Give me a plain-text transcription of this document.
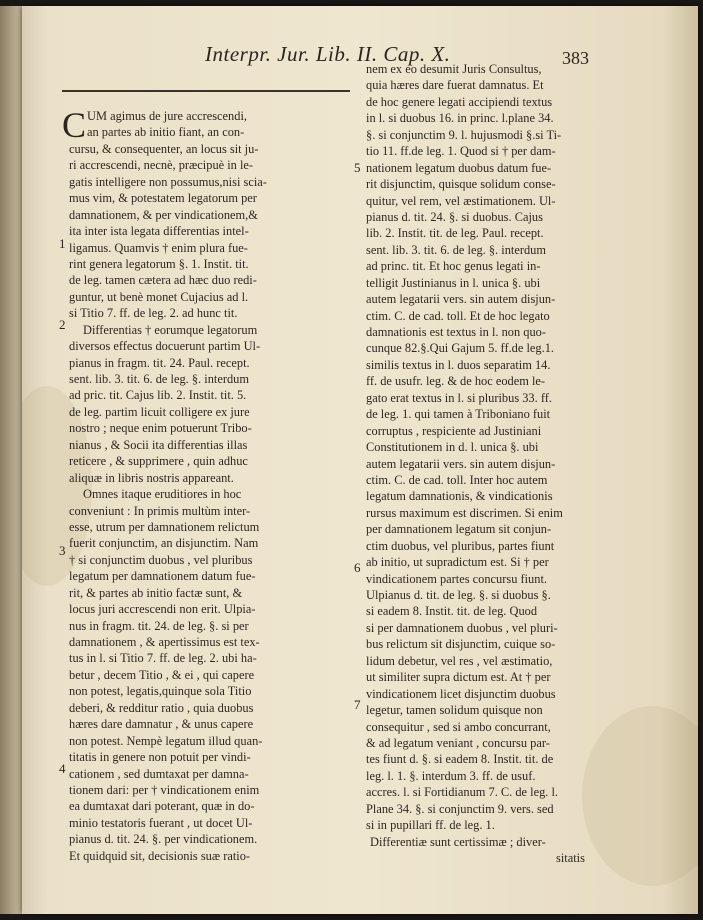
Interpr. Jur. Lib. II. Cap. X.	383
C UM agimus de jure accrescendi,
an partes ab initio fiant, an con-
cursu, & consequenter, an locus sit ju-
ri accrescendi, necnè, præcipuè in le-
gatis intelligere non possumus,nisi scia-
mus vim, & potestatem legatorum per
damnationem, & per vindicationem,&
ita inter ista legata differentias intel-
ligamus. Quamvis † enim plura fue-
rint genera legatorum §. 1. Instit. tit.
de leg. tamen cætera ad hæc duo redi-
guntur, ut benè monet Cujacius ad l.
si Titio 7. ff. de leg. 2. ad hunc tit.
Differentias † eorumque legatorum
diversos effectus docuerunt partim Ul-
pianus in fragm. tit. 24. Paul. recept.
sent. lib. 3. tit. 6. de leg. §. interdum
ad pric. tit. Cajus lib. 2. Instit. tit. 5.
de leg. partim licuit colligere ex jure
nostro ; neque enim potuerunt Tribo-
nianus , & Socii ita differentias illas
reticere , & supprimere , quin adhuc
aliquæ in libris nostris appareant.
Omnes itaque eruditiores in hoc
conveniunt : In primis multùm inter-
esse, utrum per damnationem relictum
fuerit conjunctim, an disjunctim. Nam
† si conjunctim duobus , vel pluribus
legatum per damnationem datum fue-
rit, & partes ab initio factæ sunt, &
locus juri accrescendi non erit. Ulpia-
nus in fragm. tit. 24. de leg. §. si per
damnationem , & apertissimus est tex-
tus in l. si Titio 7. ff. de leg. 2. ubi ha-
betur , decem Titio , & ei , qui capere
non potest, legatis,quinque sola Titio
deberi, & redditur ratio , quia duobus
hæres dare damnatur , & unus capere
non potest. Nempè legatum illud quan-
titatis in genere non potuit per vindi-
cationem , sed dumtaxat per damna-
tionem dari: per † vindicationem enim
ea dumtaxat dari poterant, quæ in do-
minio testatoris fuerant , ut docet Ul-
pianus d. tit. 24. §. per vindicationem.
Et quidquid sit, decisionis suæ ratio-
nem ex eo desumit Juris Consultus,
quia hæres dare fuerat damnatus. Et
de hoc genere legati accipiendi textus
in l. si duobus 16. in princ. l.plane 34.
§. si conjunctim 9. l. hujusmodi §.si Ti-
tio 11. ff.de leg. 1. Quod si † per dam-
nationem legatum duobus datum fue-
rit disjunctim, quisque solidum conse-
quitur, vel rem, vel æstimationem. Ul-
pianus d. tit. 24. §. si duobus. Cajus
lib. 2. Instit. tit. de leg. Paul. recept.
sent. lib. 3. tit. 6. de leg. §. interdum
ad princ. tit. Et hoc genus legati in-
telligit Justinianus in l. unica §. ubi
autem legatarii vers. sin autem disjun-
ctim. C. de cad. toll. Et de hoc legato
damnationis est textus in l. non quo-
cunque 82.§.Qui Gajum 5. ff.de leg.1.
similis textus in l. duos separatim 14.
ff. de usufr. leg. & de hoc eodem le-
gato erat textus in l. si pluribus 33. ff.
de leg. 1. qui tamen à Triboniano fuit
corruptus , respiciente ad Justiniani
Constitutionem in d. l. unica §. ubi
autem legatarii vers. sin autem disjun-
ctim. C. de cad. toll. Inter hoc autem
legatum damnationis, & vindicationis
rursus maximum est discrimen. Si enim
per damnationem legatum sit conjun-
ctim duobus, vel pluribus, partes fiunt
ab initio, ut supradictum est. Si † per
vindicationem partes concursu fiunt.
Ulpianus d. tit. de leg. §. si duobus §.
si eadem 8. Instit. tit. de leg. Quod
si per damnationem duobus , vel pluri-
bus relictum sit disjunctim, cuique so-
lidum debetur, vel res , vel æstimatio,
ut similiter supra dictum est. At † per
vindicationem licet disjunctim duobus
legetur, tamen solidum quisque non
consequitur , sed si ambo concurrant,
& ad legatum veniant , concursu par-
tes fiunt d. §. si eadem 8. Instit. tit. de
leg. l. 1. §. interdum 3. ff. de usuf.
accres. l. si Fortidianum 7. C. de leg. l.
Plane 34. §. si conjunctim 9. vers. sed
si in pupillari ff. de leg. 1.
Differentiæ sunt certissimæ ; diver-
sitatis
1
2
3
4
5
6
7
